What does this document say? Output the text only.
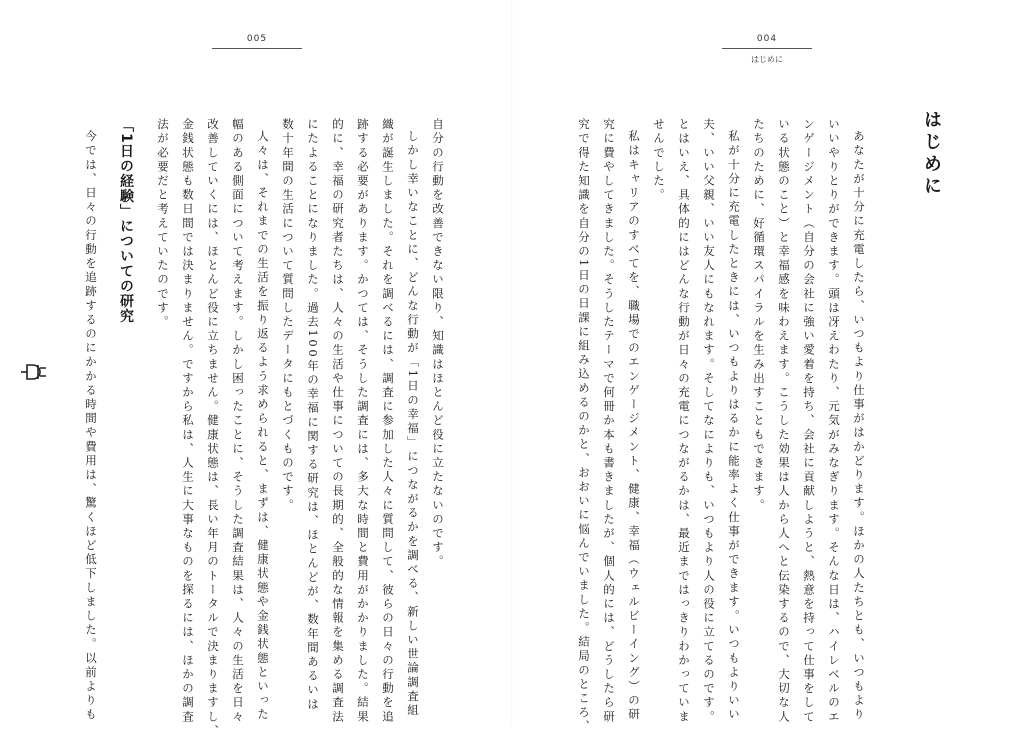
005
「1日の経験」についての研究	自分の行動を改善できない限り、知識はほとんど役に立たないのです。
しかし幸いなことに、どんな行動が「1日の幸福」につながるかを調べる、新しい世論調査組
織が誕生しました。それを調べるには、調査に参加した人々に質問して、彼らの日々の行動を追
跡する必要があります。かつては、そうした調査には、多大な時間と費用がかかりました。結果
的に、幸福の研究者たちは、人々の生活や仕事についての長期的、全般的な情報を集める調査法
にたよることになりました。過去100年の幸福に関する研究は、ほとんどが、数年間あるいは
数十年間の生活について質問したデータにもとづくものです。
人々は、それまでの生活を振り返るよう求められると、まずは、健康状態や金銭状態といった
幅のある側面について考えます。しかし困ったことに、そうした調査結果は、人々の生活を日々
改善していくには、ほとんど役に立ちません。健康状態は、長い年月のトータルで決まりますし、
金銭状態も数日間では決まりません。ですから私は、人生に大事なものを探るには、ほかの調査
法が必要だと考えていたのです。
今では、日々の行動を追跡するのにかかる時間や費用は、驚くほど低下しました。以前よりも
004
はじめに
はじめに
あなたが十分に充電したら、いつもより仕事がはかどります。ほかの人たちとも、いつもより
いいやりとりができます。頭は冴えわたり、元気がみなぎります。そんな日は、ハイレベルのエ
ンゲージメント（自分の会社に強い愛着を持ち、会社に貢献しようと、熱意を持って仕事をして
いる状態のこと）と幸福感を味わえます。こうした効果は人から人へと伝染するので、大切な人
たちのために、好循環スパイラルを生み出すこともできます。
私が十分に充電したときには、いつもよりはるかに能率よく仕事ができます。いつもよりいい
夫、いい父親、いい友人にもなれます。そしてなによりも、いつもより人の役に立てるのです。
とはいえ、具体的にはどんな行動が日々の充電につながるかは、最近まではっきりわかっていま
せんでした。
私はキャリアのすべてを、職場でのエンゲージメント、健康、幸福（ウェルビーイング）の研
究に費やしてきました。そうしたテーマで何冊か本も書きましたが、個人的には、どうしたら研
究で得た知識を自分の1日の日課に組み込めるのかと、おおいに悩んでいました。結局のところ、
